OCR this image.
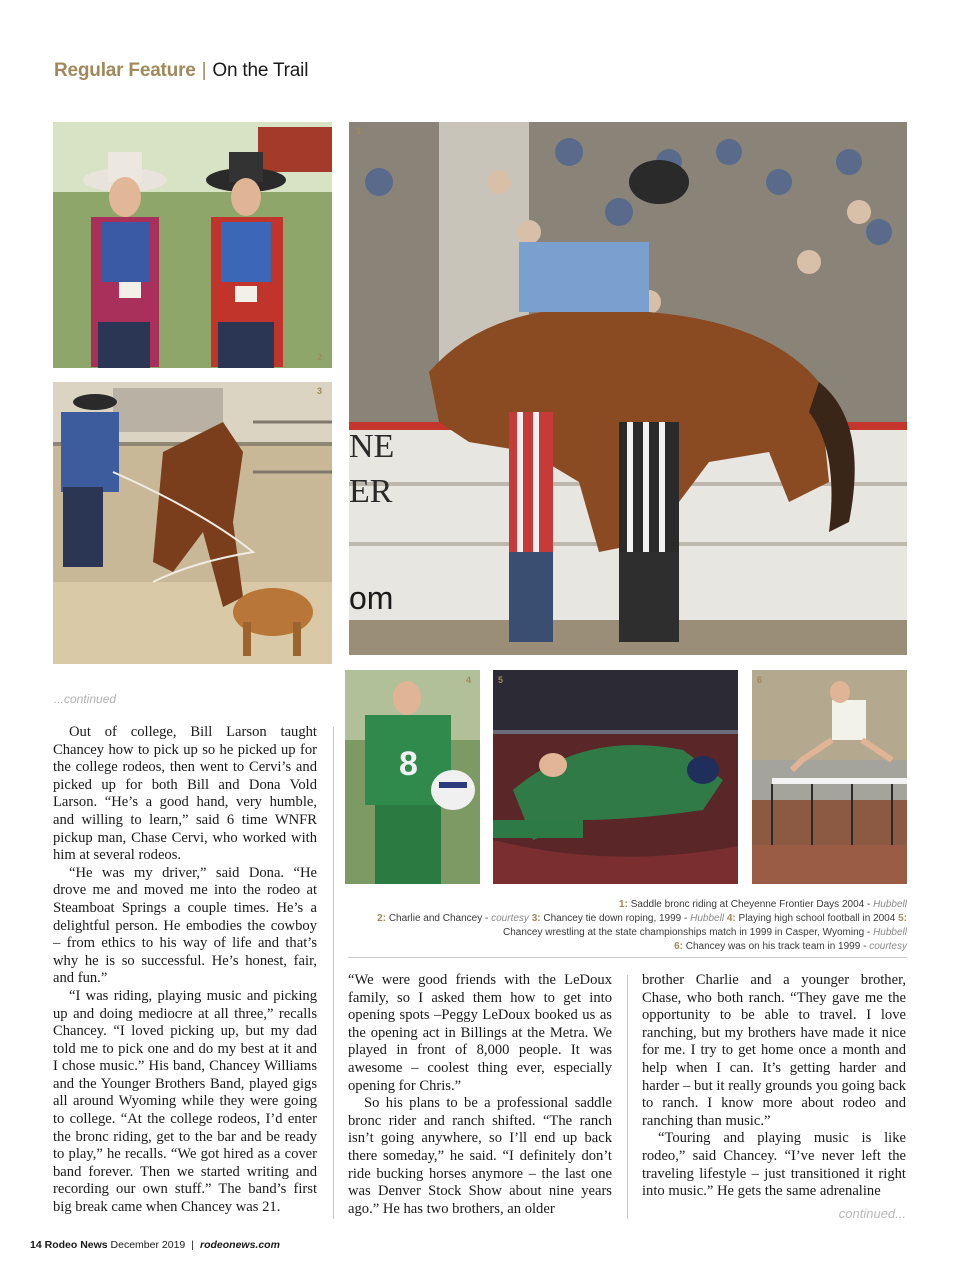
Regular Feature | On the Trail
2
3
NE
ER
om
1
8
4	5	6
...continued

Out of college, Bill Larson taught Chancey how to pick up so he picked up for the college rodeos, then went to Cervi’s and picked up for both Bill and Dona Vold Larson. “He’s a good hand, very humble, and willing to learn,” said 6 time WNFR pickup man, Chase Cervi, who worked with him at several rodeos.

“He was my driver,” said Dona. “He drove me and moved me into the rodeo at Steamboat Springs a couple times. He’s a delightful person. He embodies the cowboy – from ethics to his way of life and that’s why he is so successful. He’s honest, fair, and fun.”

“I was riding, playing music and picking up and doing mediocre at all three,” recalls Chancey. “I loved picking up, but my dad told me to pick one and do my best at it and I chose music.” His band, Chancey Williams and the Younger Brothers Band, played gigs all around Wyoming while they were going to college. “At the college rodeos, I’d enter the bronc riding, get to the bar and be ready to play,” he recalls. “We got hired as a cover band forever. Then we started writing and recording our own stuff.” The band’s first big break came when Chancey was 21.

1: Saddle bronc riding at Cheyenne Frontier Days 2004 - Hubbell
2: Charlie and Chancey - courtesy 3: Chancey tie down roping, 1999 - Hubbell 4: Playing high school football in 2004 5: Chancey wrestling at the state championships match in 1999 in Casper, Wyoming - Hubbell
6: Chancey was on his track team in 1999 - courtesy

“We were good friends with the LeDoux family, so I asked them how to get into opening spots –Peggy LeDoux booked us as the opening act in Billings at the Metra. We played in front of 8,000 people. It was awesome – coolest thing ever, especially opening for Chris.”

So his plans to be a professional saddle bronc rider and ranch shifted. “The ranch isn’t going anywhere, so I’ll end up back there someday,” he said. “I definitely don’t ride bucking horses anymore – the last one was Denver Stock Show about nine years ago.” He has two brothers, an older

brother Charlie and a younger brother, Chase, who both ranch. “They gave me the opportunity to be able to travel. I love ranching, but my brothers have made it nice for me. I try to get home once a month and help when I can. It’s getting harder and harder – but it really grounds you going back to ranch. I know more about rodeo and ranching than music.”

“Touring and playing music is like rodeo,” said Chancey. “I’ve never left the traveling lifestyle – just transitioned it right into music.” He gets the same adrenaline

continued...
14 Rodeo News December 2019 | rodeonews.com
